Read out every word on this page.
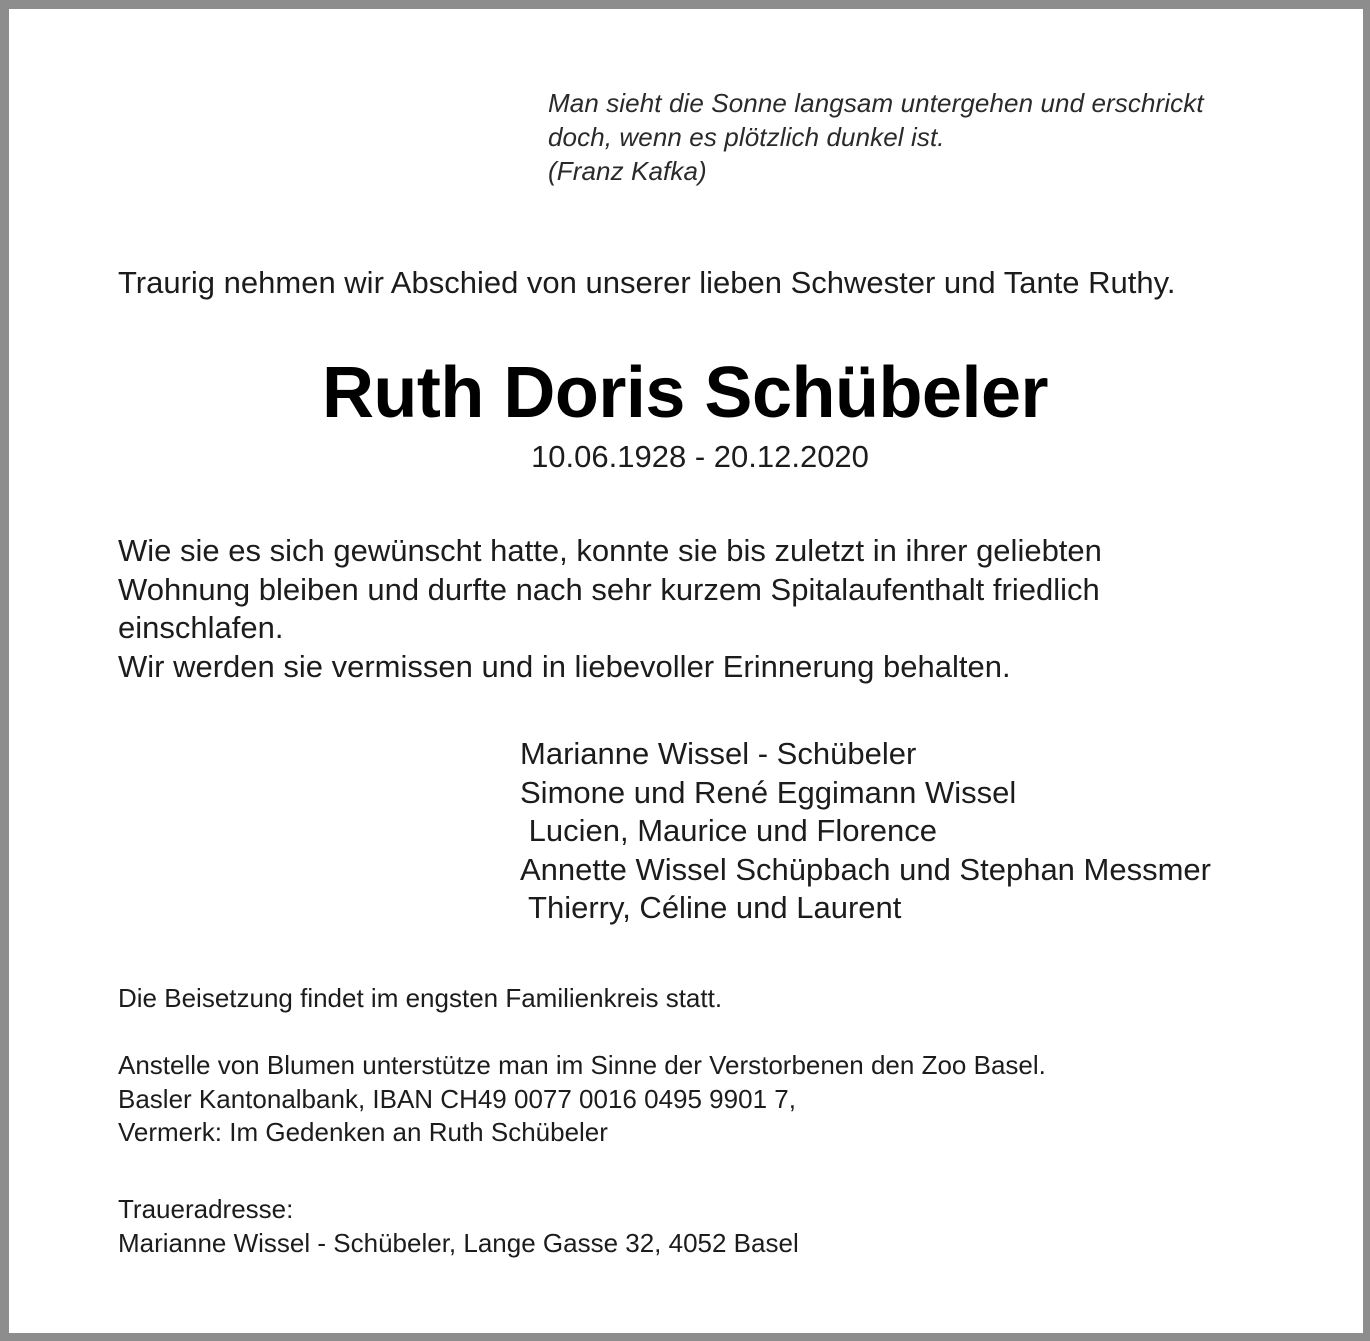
Man sieht die Sonne langsam untergehen und erschrickt
doch, wenn es plötzlich dunkel ist.
(Franz Kafka)
Traurig nehmen wir Abschied von unserer lieben Schwester und Tante Ruthy.
Ruth Doris Schübeler
10.06.1928 - 20.12.2020
Wie sie es sich gewünscht hatte, konnte sie bis zuletzt in ihrer geliebten
Wohnung bleiben und durfte nach sehr kurzem Spitalaufenthalt friedlich
einschlafen.
Wir werden sie vermissen und in liebevoller Erinnerung behalten.
Marianne Wissel - Schübeler
Simone und René Eggimann Wissel
Lucien, Maurice und Florence
Annette Wissel Schüpbach und Stephan Messmer
Thierry, Céline und Laurent
Die Beisetzung findet im engsten Familienkreis statt.
Anstelle von Blumen unterstütze man im Sinne der Verstorbenen den Zoo Basel.
Basler Kantonalbank, IBAN CH49 0077 0016 0495 9901 7,
Vermerk: Im Gedenken an Ruth Schübeler
Traueradresse:
Marianne Wissel - Schübeler, Lange Gasse 32, 4052 Basel
